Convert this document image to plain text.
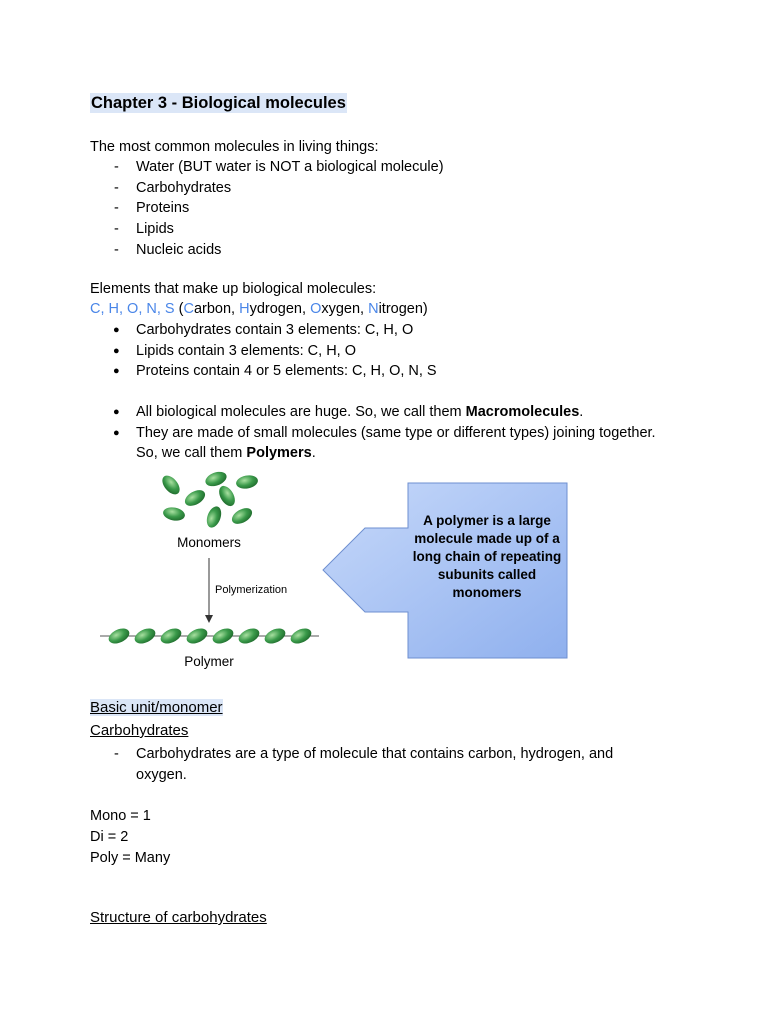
Chapter 3 - Biological molecules
The most common molecules in living things:
- Water (BUT water is NOT a biological molecule)
- Carbohydrates
- Proteins
- Lipids
- Nucleic acids
Elements that make up biological molecules:
C, H, O, N, S (Carbon, Hydrogen, Oxygen, Nitrogen)
● Carbohydrates contain 3 elements: C, H, O
● Lipids contain 3 elements: C, H, O
● Proteins contain 4 or 5 elements: C, H, O, N, S
● All biological molecules are huge. So, we call them Macromolecules.
● They are made of small molecules (same type or different types) joining together.
So, we call them Polymers.
Monomers
Polymerization
Polymer
A polymer is a large molecule made up of a long chain of repeating subunits called monomers
Basic unit/monomer
Carbohydrates
- Carbohydrates are a type of molecule that contains carbon, hydrogen, and
oxygen.
Mono = 1
Di = 2
Poly = Many
Structure of carbohydrates
